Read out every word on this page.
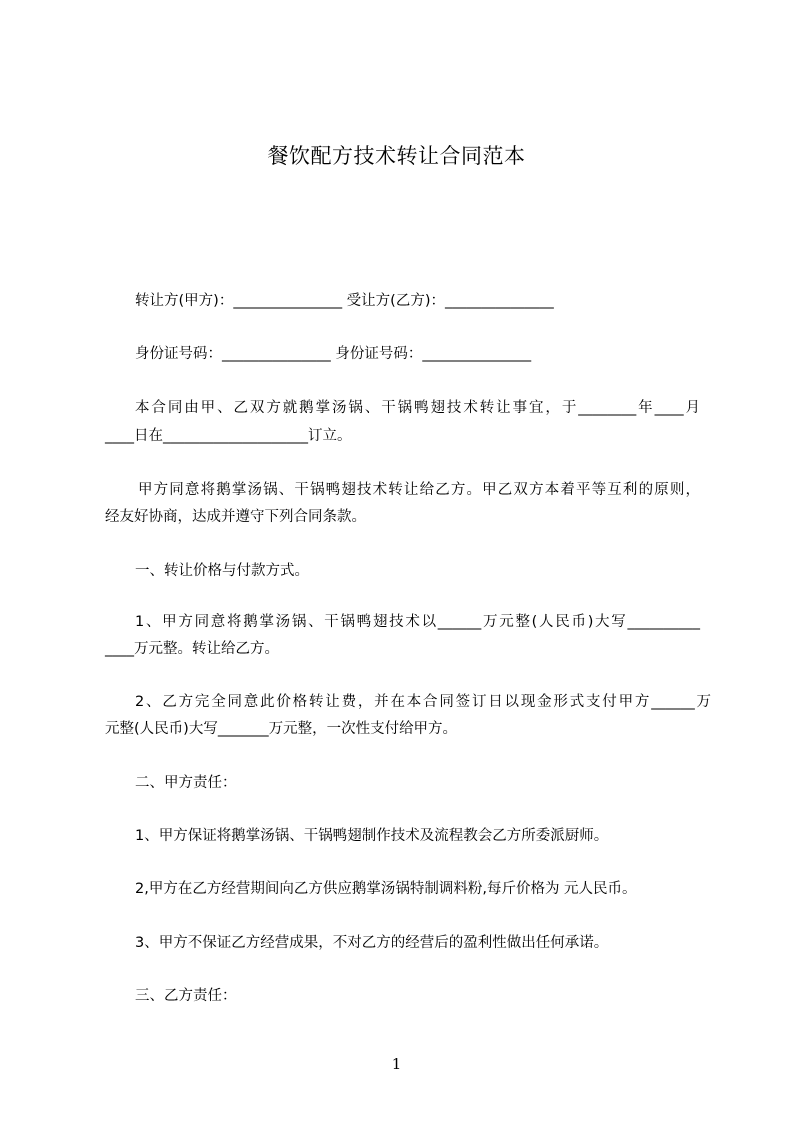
餐饮配方技术转让合同范本
转让方(甲方)：_______________ 受让方(乙方)：_______________
身份证号码：_______________ 身份证号码：_______________
本合同由甲、乙双方就鹅掌汤锅、干锅鸭翅技术转让事宜，于________年____月
____日在____________________订立。
甲方同意将鹅掌汤锅、干锅鸭翅技术转让给乙方。甲乙双方本着平等互利的原则，
经友好协商，达成并遵守下列合同条款。
一、转让价格与付款方式。
1、甲方同意将鹅掌汤锅、干锅鸭翅技术以______万元整(人民币)大写__________
____万元整。转让给乙方。
2、乙方完全同意此价格转让费，并在本合同签订日以现金形式支付甲方______万
元整(人民币)大写_______万元整，一次性支付给甲方。
二、甲方责任：
1、甲方保证将鹅掌汤锅、干锅鸭翅制作技术及流程教会乙方所委派厨师。
2,甲方在乙方经营期间向乙方供应鹅掌汤锅特制调料粉,每斤价格为 元人民币。
3、甲方不保证乙方经营成果，不对乙方的经营后的盈利性做出任何承诺。
三、乙方责任：
1
